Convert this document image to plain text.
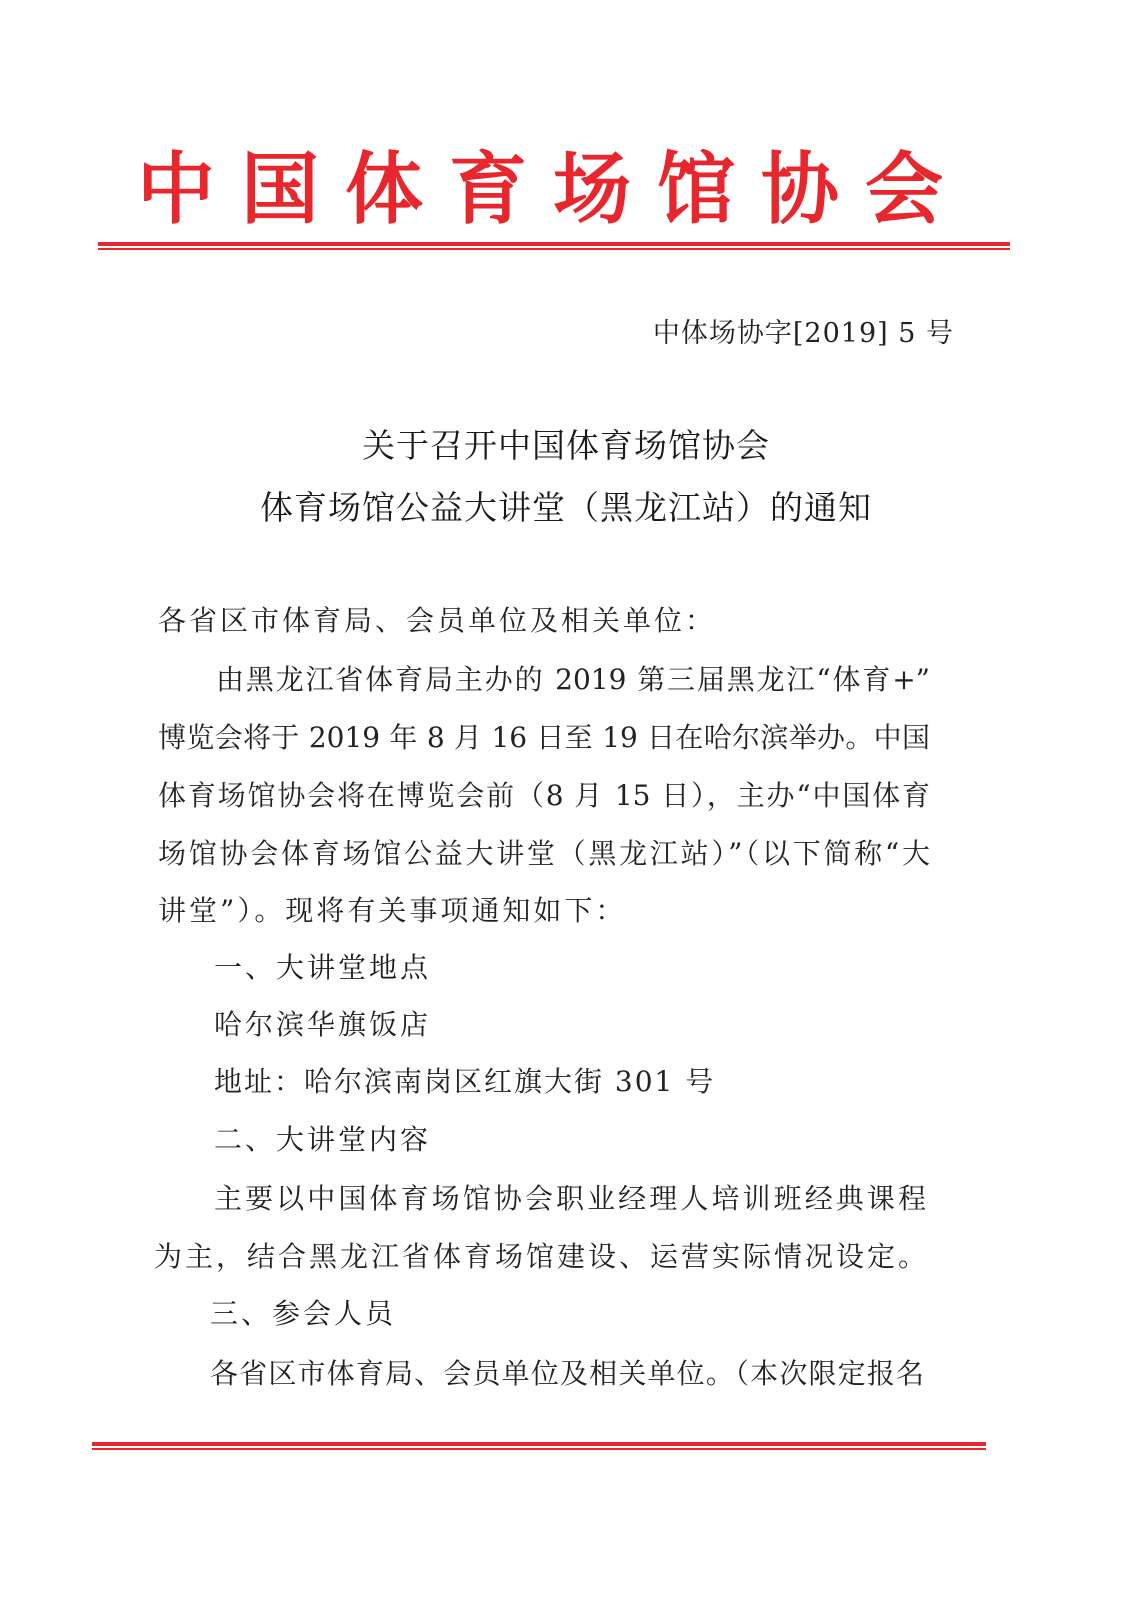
中国体育场馆协会
中体场协字[2019] 5 号
关于召开中国体育场馆协会
体育场馆公益大讲堂（黑龙江站）的通知
各省区市体育局、会员单位及相关单位：
由黑龙江省体育局主办的 2019 第三届黑龙江“体育+”
博览会将于 2019 年 8 月 16 日至 19 日在哈尔滨举办。中国
体育场馆协会将在博览会前（8 月 15 日），主办“中国体育
场馆协会体育场馆公益大讲堂（黑龙江站）”（以下简称“大
讲堂”）。现将有关事项通知如下：
一、大讲堂地点
哈尔滨华旗饭店
地址：哈尔滨南岗区红旗大街 301 号
二、大讲堂内容
主要以中国体育场馆协会职业经理人培训班经典课程
为主，结合黑龙江省体育场馆建设、运营实际情况设定。
三、参会人员
各省区市体育局、会员单位及相关单位。（本次限定报名
